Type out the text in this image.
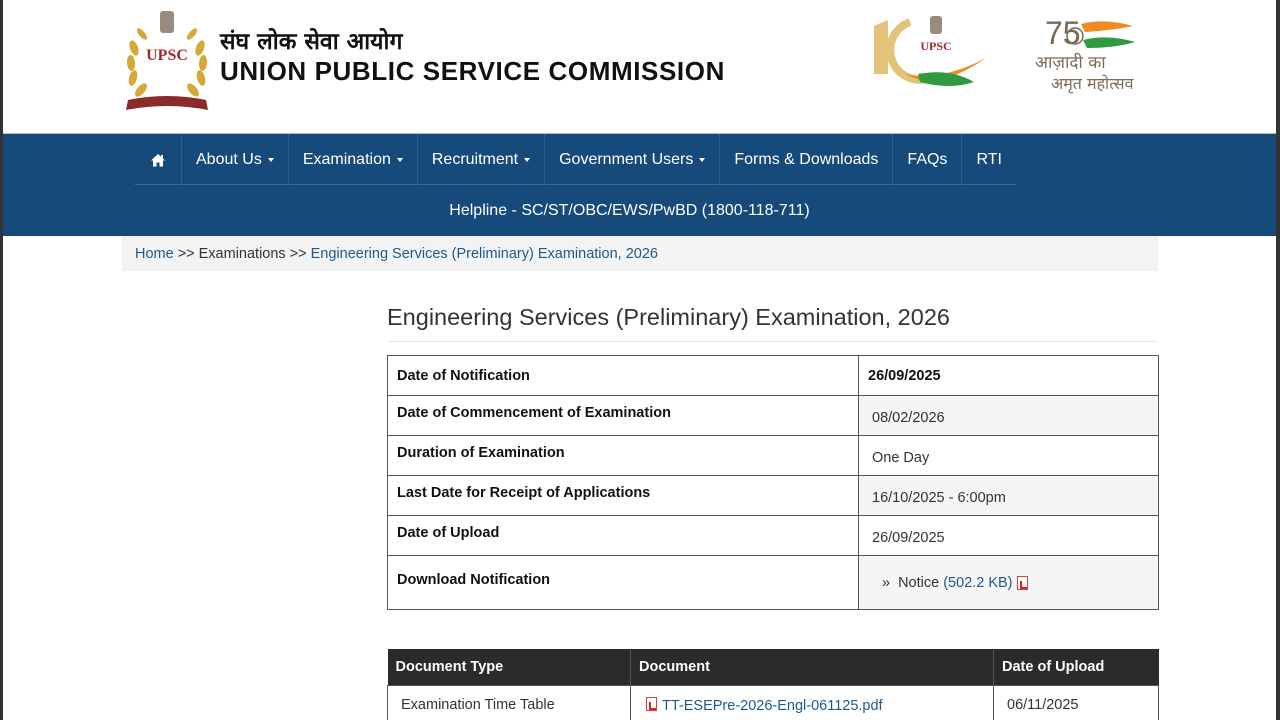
UPSC
संघ लोक सेवा आयोग
UNION PUBLIC SERVICE COMMISSION
UPSC	75
आज़ादी का
अमृत महोत्सव
About Us	Examination	Recruitment	Government Users	Forms & Downloads FAQs RTI
Helpline - SC/ST/OBC/EWS/PwBD (1800-118-711)
Home >> Examinations >> Engineering Services (Preliminary) Examination, 2026
Engineering Services (Preliminary) Examination, 2026
Date of Notification	26/09/2025
Date of Commencement of Examination	08/02/2026
Duration of Examination	One Day
Last Date for Receipt of Applications	16/10/2025 - 6:00pm
Date of Upload	26/09/2025
Download Notification	» Notice (502.2 KB)
Document Type	Document	Date of Upload
Examination Time Table	TT-ESEPre-2026-Engl-061125.pdf	06/11/2025
